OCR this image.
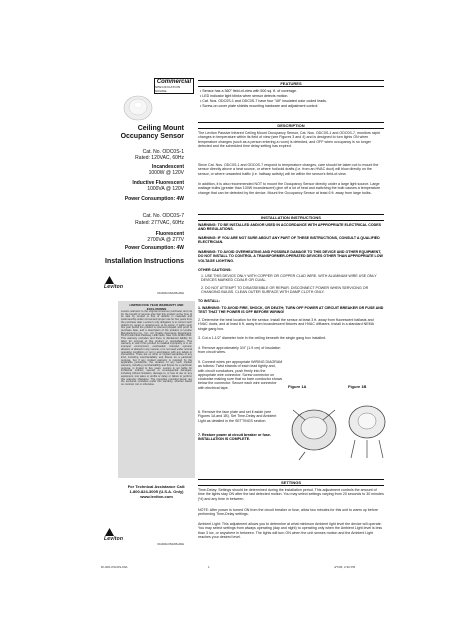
Commercial
SPECIFICATION GRADE
Ceiling Mount
Occupancy Sensor
Cat. No. ODC0S-1
Rated: 120VAC, 60Hz
Incandescent
1000W @ 120V
Inductive Fluorescent
1000VA @ 120V
Power Consumption: 4W
Cat. No. ODC0S-7
Rated: 277VAC, 60Hz
Fluorescent
2700VA @ 277V
Power Consumption: 4W
Installation Instructions
Leviton
DI-000-OSC0S-00A
LIMITED FIVE YEAR WARRANTY AND EXCLUSIONS
Leviton warrants to the original consumer purchaser and not for the benefit of anyone else that this product at the time of its sale by Leviton is free of defects in materials and workmanship under normal and proper use for five years from the purchase date. Leviton's only obligation is to correct such defects by repair or replacement, at its option, if within such five year period the product is returned prepaid, with proof of purchase date, and a description of the problem to Leviton Manufacturing Co., Inc., Att: Quality Assurance Department, 59-25 Little Neck Parkway, Little Neck, New York 11362-2591. This warranty excludes and there is disclaimed liability for labor for removal of this product or reinstallation. This warranty is void if this product is installed improperly or in an improper environment, overloaded, misused, opened, abused, or altered in any manner, or is not used under normal operating conditions or not in accordance with any labels or instructions. There are no other or implied warranties of any kind, including merchantability and fitness for a particular purpose, but if any implied warranty is required by the applicable jurisdiction, the duration of any such implied warranty, including merchantability and fitness for a particular purpose, is limited to five years. Leviton is not liable for incidental, indirect, special, or consequential damages, including without limitation, damage to, or loss of use of, any equipment, lost sales or profits or delay or failure to perform this warranty obligation. The remedies provided herein are the exclusive remedies under this warranty, whether based on contract, tort or otherwise.
For Technical Assistance Call:
1-800-824-3005 (U.S.A. Only)
www.leviton.com
Leviton
DI-000-OSC0S-00A
FEATURES
• Sensor has a 360° field-of-view with 500 sq. ft. of coverage.
• LED indicator light blinks when sensor detects motion.
• Cat. Nos. ODC0S-1 and ODC0S-7 have four "Ufl" insulated color coded leads.
• Screw-on cover plate shields mounting hardware and adjustment control.
DESCRIPTION
The Leviton Passive Infrared Ceiling Mount Occupancy Sensor, Cat. Nos. ODC0S-1 and ODC0S-7, monitors rapid changes in temperature within its field of view (see Figures 3 and 4) and is designed to turn lights ON when temperature changes (such as a person entering a room) is detected, and OFF when occupancy is no longer detected and the scheduled time delay setting has expired.
Since Cat. Nos. ODC0S-1 and ODC0S-7 respond to temperature changes, care should be taken not to mount the sensor directly above a heat source, or where hot/cold drafts (i.e. from an HVAC duct) will blow directly on the sensor, or where unwanted traffic (i.e. hallway activity) will be within the sensor's field-of-view.
In addition, it is also recommended NOT to mount the Occupancy Sensor directly under a large light source. Large wattage bulbs (greater than 100W incandescent) give off a lot of heat and switching the bulb causes a temperature change that can be detected by the device. Mount the Occupancy Sensor at least 6 ft. away from large bulbs.
INSTALLATION INSTRUCTIONS
WARNING: TO BE INSTALLED AND/OR USED IN ACCORDANCE WITH APPROPRIATE ELECTRICAL CODES AND REGULATIONS.
WARNING: IF YOU ARE NOT SURE ABOUT ANY PART OF THESE INSTRUCTIONS, CONSULT A QUALIFIED ELECTRICIAN.
WARNING: TO AVOID OVERHEATING AND POSSIBLE DAMAGE TO THIS DEVICE AND OTHER EQUIPMENT, DO NOT INSTALL TO CONTROL A TRANSFORMER-OPERATED DEVICES OTHER THAN APPROPRIATE LOW VOLTAGE LIGHTING.
OTHER CAUTIONS:
1. USE THIS DEVICE ONLY WITH COPPER OR COPPER CLAD WIRE. WITH ALUMINUM WIRE USE ONLY DEVICES MARKED CO/ALR OR CU/AL.
2. DO NOT ATTEMPT TO DISASSEMBLE OR REPAIR. DISCONNECT POWER WHEN SERVICING OR CHANGING BULBS. CLEAN OUTER SURFACE WITH DAMP CLOTH ONLY.
TO INSTALL:
1. WARNING: TO AVOID FIRE, SHOCK, OR DEATH; TURN OFF POWER AT CIRCUIT BREAKER OR FUSE AND TEST THAT THE POWER IS OFF BEFORE WIRING!
2. Determine the best location for the sensor. Install the sensor at least 3 ft. away from fluorescent ballasts and HVAC ducts, and at least 6 ft. away from incandescent fixtures and HVAC diffusers. Install in a standard NEMA single gang box.
3. Cut a 1-1/2" diameter hole in the ceiling beneath the single gang box installed.
4. Remove approximately 3/4" (1.9 cm) of insulation from circuit wires.
5. Connect wires per appropriate WIRING DIAGRAM as follows: Twist strands of each lead tightly and, with circuit conductors, push firmly into the appropriate wire connector. Screw connector on clockwise making sure that no bare conductor shows below the connector. Secure each wire connector with electrical tape.
6. Remove the face plate and set it aside (see Figures 1A and 1B). Set Time-Delay and Ambient Light as detailed in the SETTINGS section.
7. Restore power at circuit breaker or fuse. INSTALLATION IS COMPLETE.
Figure 1A	Figure 1B
SETTINGS
Time-Delay: Settings should be determined during the installation period. This adjustment controls the amount of time the lights stay ON after the last detected motion. You may select settings varying from 20 seconds to 30 minutes (½) and any time in between.
NOTE: After power is turned ON from the circuit breaker or fuse, allow two minutes for this unit to warm up before performing Time-Delay settings.
Ambient Light: This adjustment allows you to determine at what minimum Ambient light level the device will operate. You may select settings from always operating (day and night) to operating only when the Ambient Light level is less than 3 lux, or anywhere in between. The lights will turn ON when the unit senses motion and the Ambient Light reaches your desired level.
DI-000-OSC0S-00A	1	4/7/06, 2:30 PM
